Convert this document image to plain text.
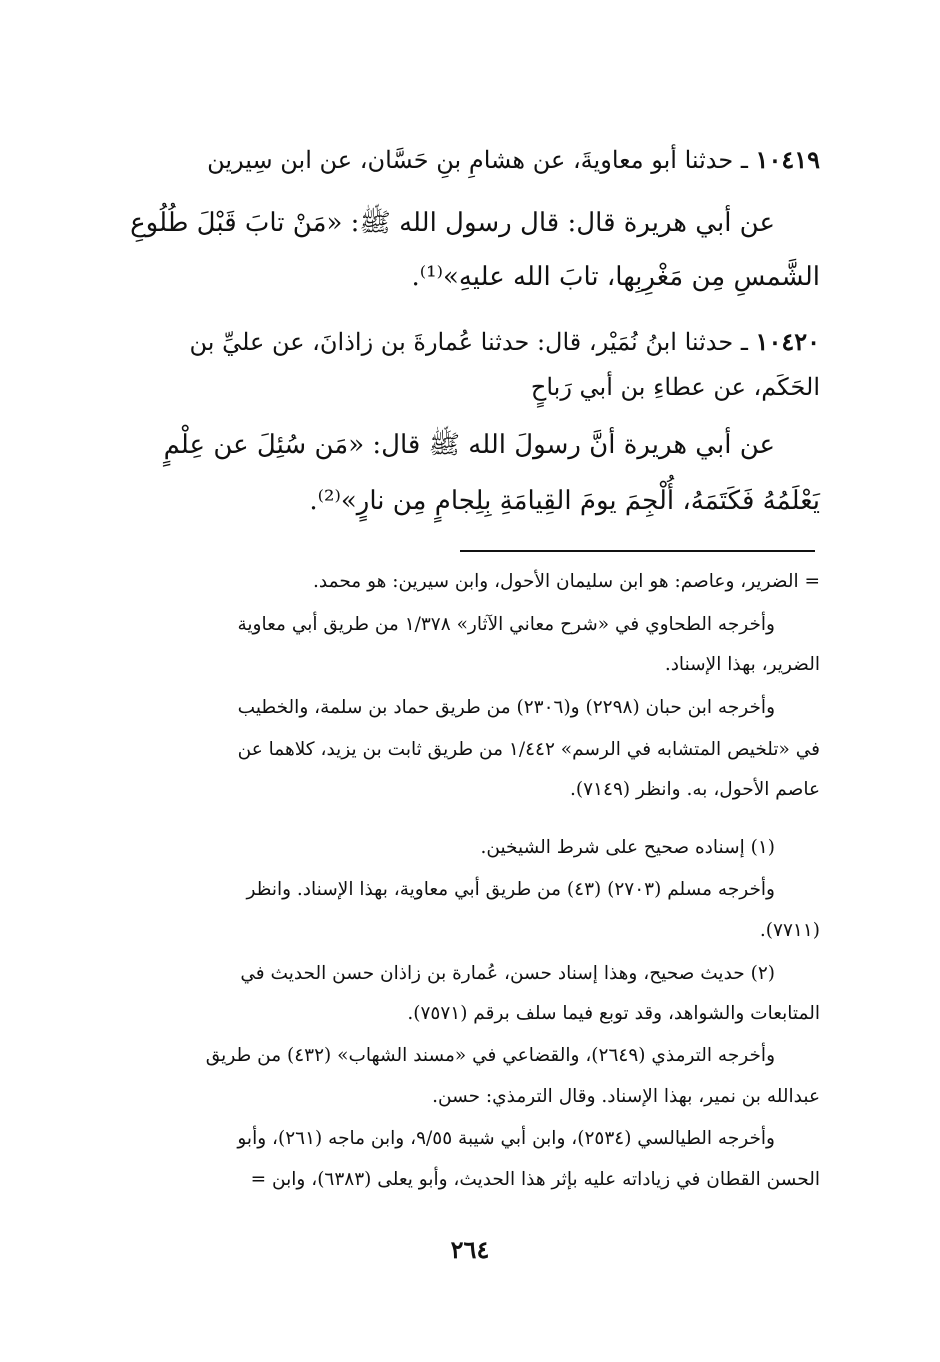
١٠٤١٩ ـ حدثنا أبو معاويةَ، عن هشامِ بنِ حَسَّان، عن ابن سِيرين
عن أبي هريرة قال: قال رسول الله ﷺ: «مَنْ تابَ قَبْلَ طُلُوعِ
الشَّمسِ مِن مَغْرِبِها، تابَ الله عليهِ»⁽¹⁾.
١٠٤٢٠ ـ حدثنا ابنُ نُمَيْر، قال: حدثنا عُمارةَ بن زاذانَ، عن عليِّ بن
الحَكَم، عن عطاءِ بن أبي رَباحٍ
عن أبي هريرة أنَّ رسولَ الله ﷺ قال: «مَن سُئِلَ عن عِلْمٍ
يَعْلَمُهُ فَكَتَمَهُ، أُلْجِمَ يومَ القِيامَةِ بِلِجامٍ مِن نارٍ»⁽²⁾.
= الضرير، وعاصم: هو ابن سليمان الأحول، وابن سيرين: هو محمد.
وأخرجه الطحاوي في «شرح معاني الآثار» ١/٣٧٨ من طريق أبي معاوية
الضرير، بهذا الإسناد.
وأخرجه ابن حبان (٢٢٩٨) و(٢٣٠٦) من طريق حماد بن سلمة، والخطيب
في «تلخيص المتشابه في الرسم» ١/٤٤٢ من طريق ثابت بن يزيد، كلاهما عن
عاصم الأحول، به. وانظر (٧١٤٩).
(١) إسناده صحيح على شرط الشيخين.
وأخرجه مسلم (٢٧٠٣) (٤٣) من طريق أبي معاوية، بهذا الإسناد. وانظر
(٧٧١١).
(٢) حديث صحيح، وهذا إسناد حسن، عُمارة بن زاذان حسن الحديث في
المتابعات والشواهد، وقد توبع فيما سلف برقم (٧٥٧١).
وأخرجه الترمذي (٢٦٤٩)، والقضاعي في «مسند الشهاب» (٤٣٢) من طريق
عبدالله بن نمير، بهذا الإسناد. وقال الترمذي: حسن.
وأخرجه الطيالسي (٢٥٣٤)، وابن أبي شيبة ٩/٥٥، وابن ماجه (٢٦١)، وأبو
الحسن القطان في زياداته عليه بإثر هذا الحديث، وأبو يعلى (٦٣٨٣)، وابن =
٢٦٤
